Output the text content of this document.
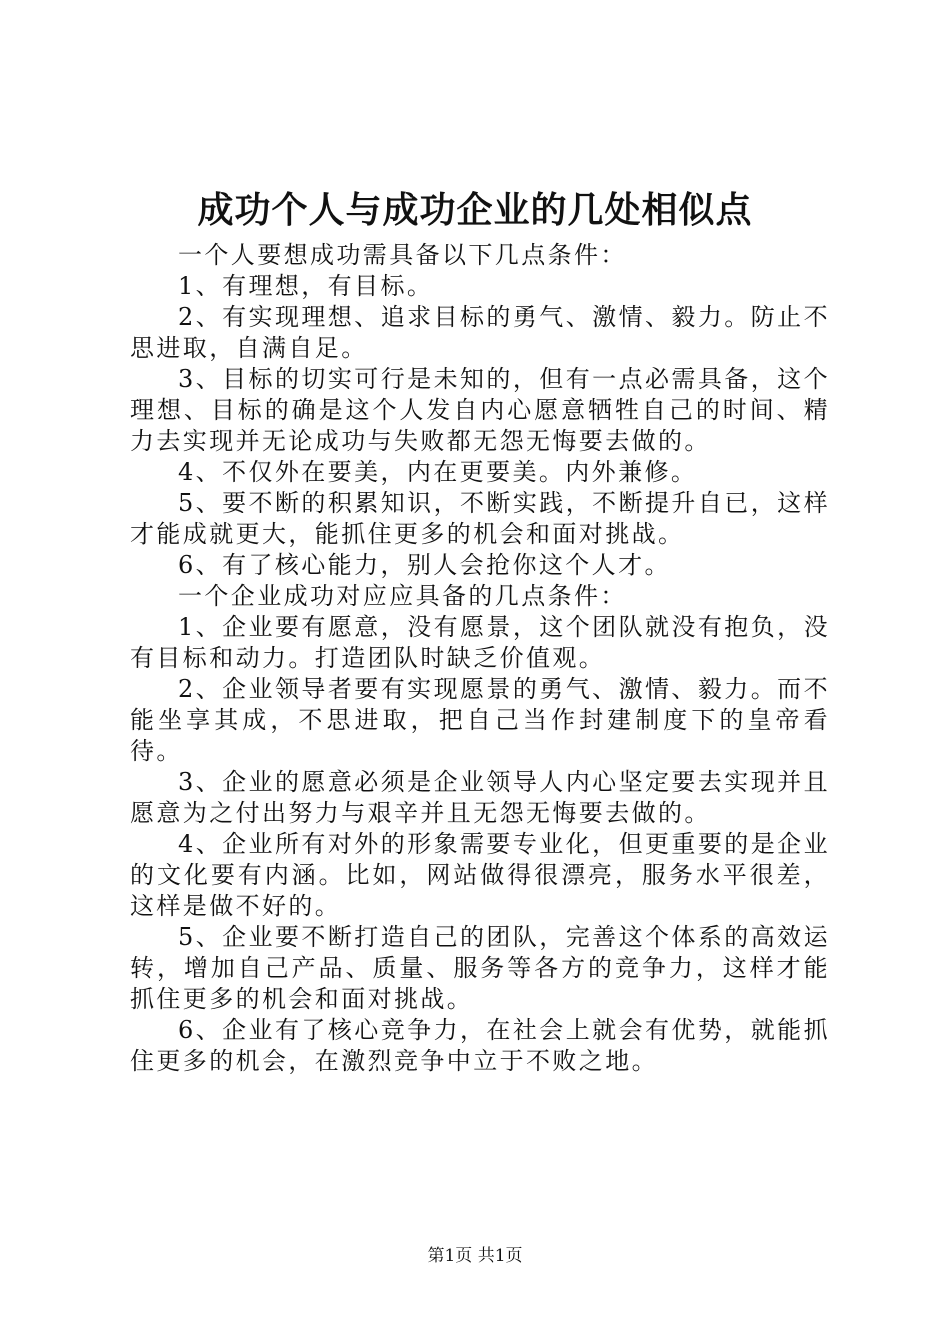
成功个人与成功企业的几处相似点

一个人要想成功需具备以下几点条件：

1、有理想，有目标。

2、有实现理想、追求目标的勇气、激情、毅力。防止不思进取，自满自足。

3、目标的切实可行是未知的，但有一点必需具备，这个理想、目标的确是这个人发自内心愿意牺牲自己的时间、精力去实现并无论成功与失败都无怨无悔要去做的。

4、不仅外在要美，内在更要美。内外兼修。

5、要不断的积累知识，不断实践，不断提升自已，这样才能成就更大，能抓住更多的机会和面对挑战。

6、有了核心能力，别人会抢你这个人才。

一个企业成功对应应具备的几点条件：

1、企业要有愿意，没有愿景，这个团队就没有抱负，没有目标和动力。打造团队时缺乏价值观。

2、企业领导者要有实现愿景的勇气、激情、毅力。而不能坐享其成，不思进取，把自己当作封建制度下的皇帝看待。

3、企业的愿意必须是企业领导人内心坚定要去实现并且愿意为之付出努力与艰辛并且无怨无悔要去做的。

4、企业所有对外的形象需要专业化，但更重要的是企业的文化要有内涵。比如，网站做得很漂亮，服务水平很差，这样是做不好的。

5、企业要不断打造自己的团队，完善这个体系的高效运转，增加自己产品、质量、服务等各方的竞争力，这样才能抓住更多的机会和面对挑战。

6、企业有了核心竞争力，在社会上就会有优势，就能抓住更多的机会，在激烈竞争中立于不败之地。

第1页 共1页
